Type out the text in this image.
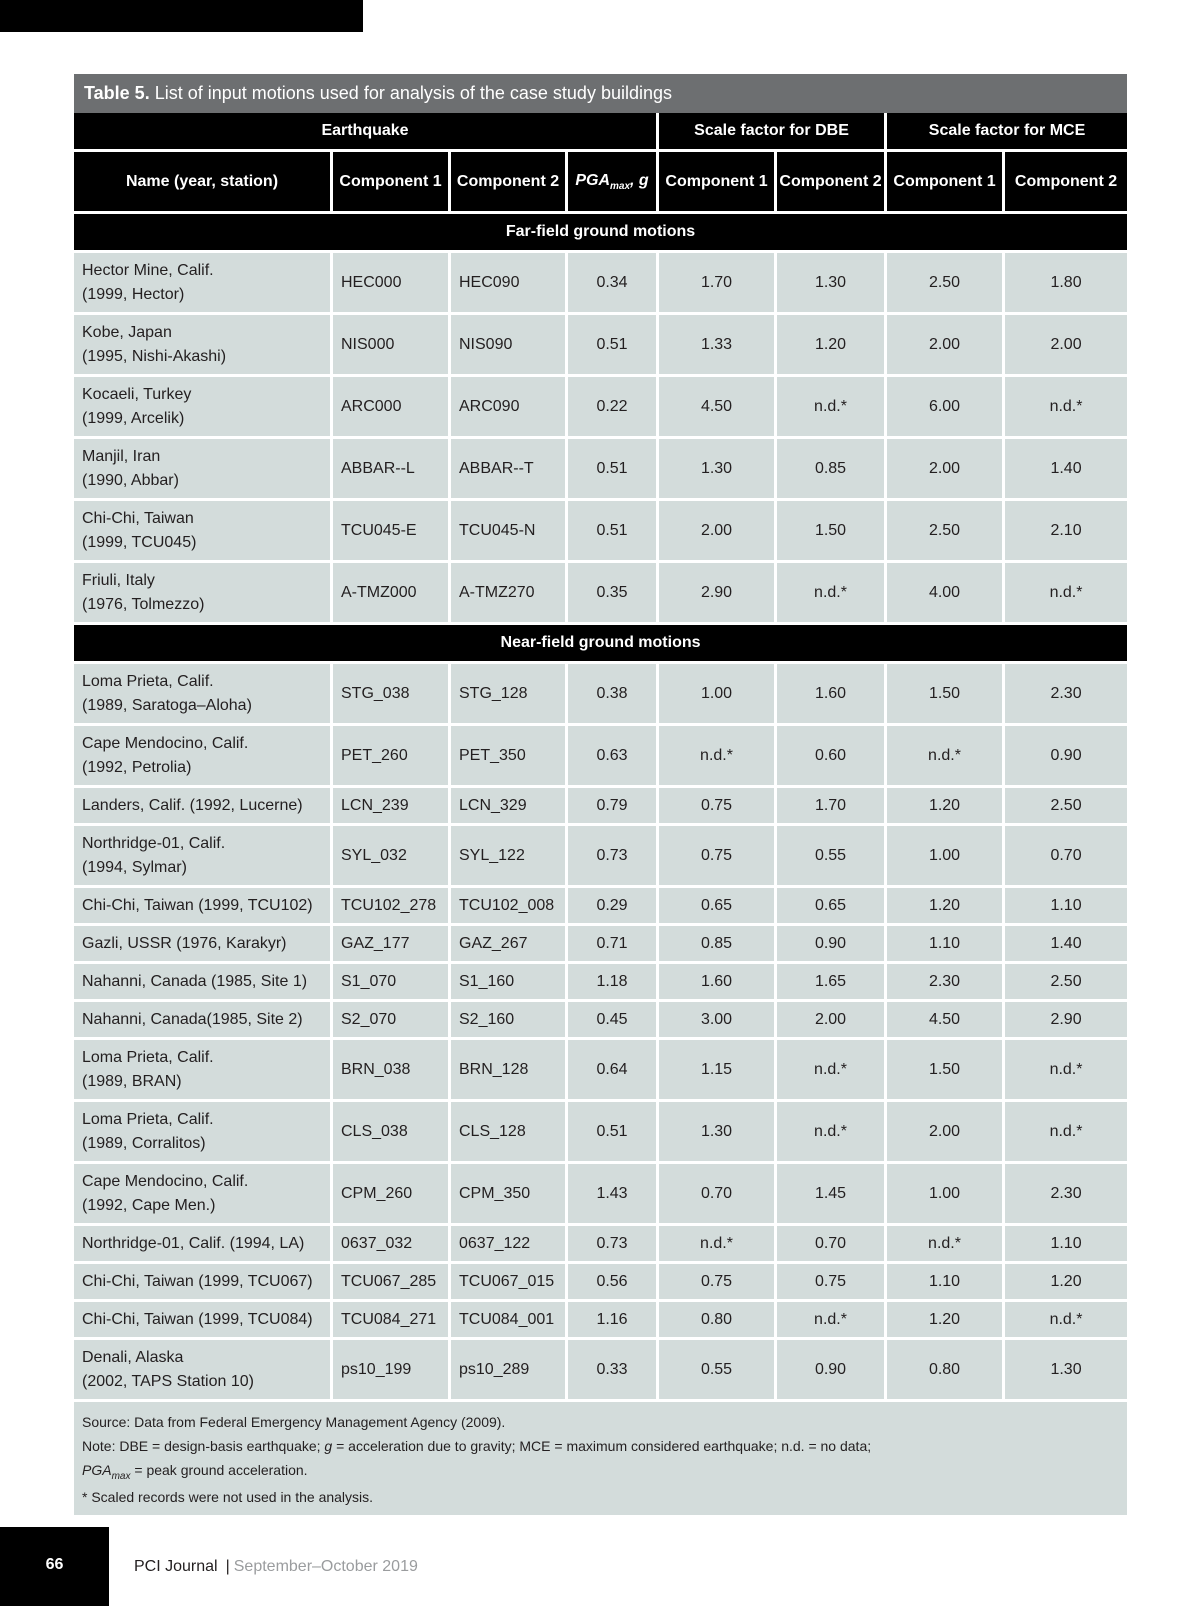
Table 5. List of input motions used for analysis of the case study buildings
Earthquake				Scale factor for DBE		Scale factor for MCE	
Name (year, station)	Component 1	Component 2	$PGA_{max}$, g	Component 1	Component 2	Component 1	Component 2
Far-field ground motions							

Hector Mine, Calif.
(1999, Hector)	HEC000	HEC090	0.34	1.70	1.30	2.50	1.80

Kobe, Japan
(1995, Nishi-Akashi)	NIS000	NIS090	0.51	1.33	1.20	2.00	2.00

Kocaeli, Turkey
(1999, Arcelik)	ARC000	ARC090	0.22	4.50	n.d.*	6.00	n.d.*

Manjil, Iran
(1990, Abbar)	ABBAR--L	ABBAR--T	0.51	1.30	0.85	2.00	1.40

Chi-Chi, Taiwan
(1999, TCU045)	TCU045-E	TCU045-N	0.51	2.00	1.50	2.50	2.10

Friuli, Italy
(1976, Tolmezzo)	A-TMZ000	A-TMZ270	0.35	2.90	n.d.*	4.00	n.d.*
Near-field ground motions							

Loma Prieta, Calif.
(1989, Saratoga–Aloha)	STG_038	STG_128	0.38	1.00	1.60	1.50	2.30

Cape Mendocino, Calif.
(1992, Petrolia)	PET_260	PET_350	0.63	n.d.*	0.60	n.d.*	0.90

Landers, Calif. (1992, Lucerne)	LCN_239	LCN_329	0.79	0.75	1.70	1.20	2.50

Northridge-01, Calif.
(1994, Sylmar)	SYL_032	SYL_122	0.73	0.75	0.55	1.00	0.70

Chi-Chi, Taiwan (1999, TCU102)	TCU102_278	TCU102_008	0.29	0.65	0.65	1.20	1.10

Gazli, USSR (1976, Karakyr)	GAZ_177	GAZ_267	0.71	0.85	0.90	1.10	1.40

Nahanni, Canada (1985, Site 1)	S1_070	S1_160	1.18	1.60	1.65	2.30	2.50

Nahanni, Canada(1985, Site 2)	S2_070	S2_160	0.45	3.00	2.00	4.50	2.90

Loma Prieta, Calif.
(1989, BRAN)	BRN_038	BRN_128	0.64	1.15	n.d.*	1.50	n.d.*

Loma Prieta, Calif.
(1989, Corralitos)	CLS_038	CLS_128	0.51	1.30	n.d.*	2.00	n.d.*

Cape Mendocino, Calif.
(1992, Cape Men.)	CPM_260	CPM_350	1.43	0.70	1.45	1.00	2.30

Northridge-01, Calif. (1994, LA)	0637_032	0637_122	0.73	n.d.*	0.70	n.d.*	1.10

Chi-Chi, Taiwan (1999, TCU067)	TCU067_285	TCU067_015	0.56	0.75	0.75	1.10	1.20

Chi-Chi, Taiwan (1999, TCU084)	TCU084_271	TCU084_001	1.16	0.80	n.d.*	1.20	n.d.*

Denali, Alaska
(2002, TAPS Station 10)	ps10_199	ps10_289	0.33	0.55	0.90	0.80	1.30
Source: Data from Federal Emergency Management Agency (2009).
Note: DBE = design-basis earthquake; g = acceleration due to gravity; MCE = maximum considered earthquake; n.d. = no data;
$PGA_{max}$ = peak ground acceleration.
* Scaled records were not used in the analysis.
66	PCI Journal | September–October 2019
